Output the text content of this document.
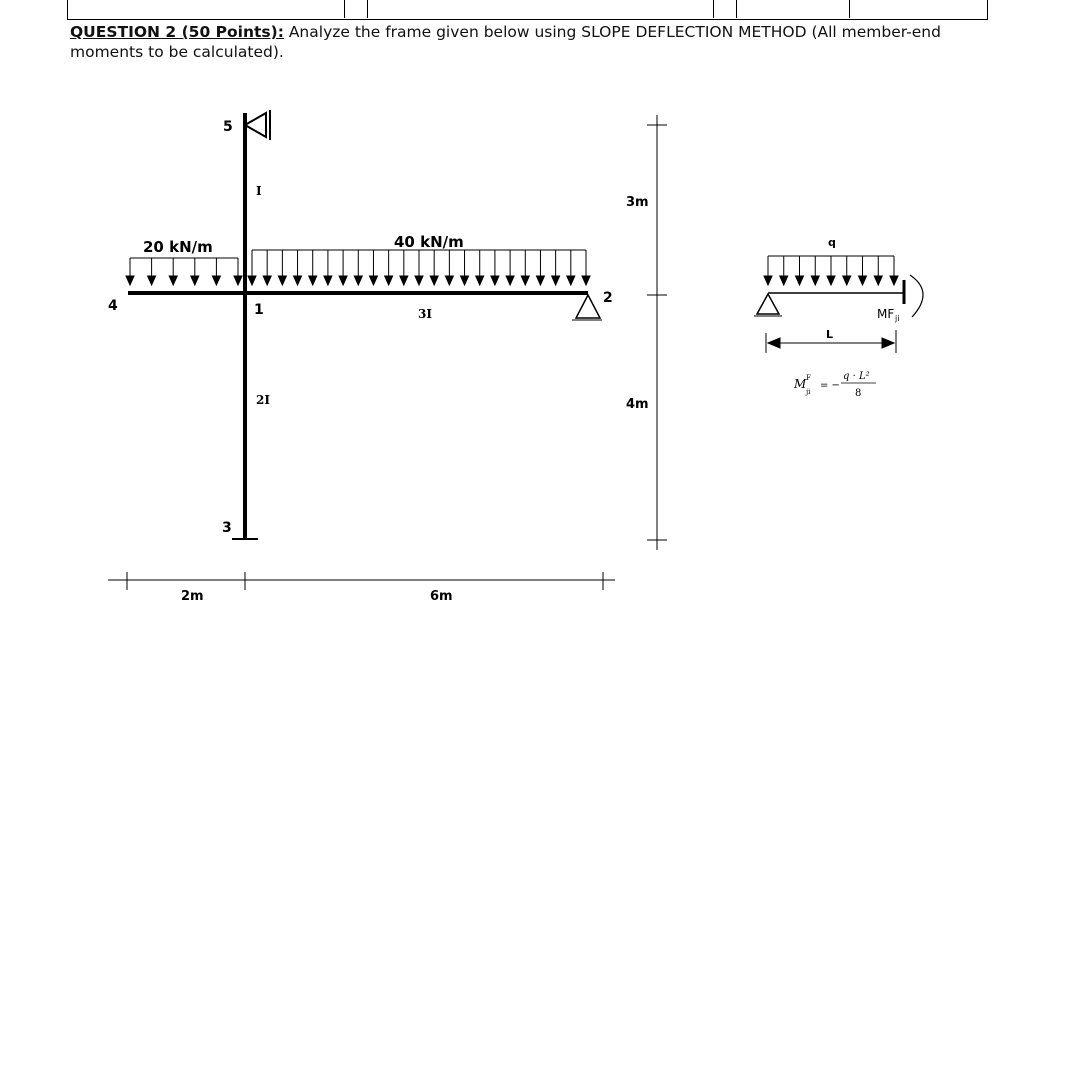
QUESTION 2 (50 Points): Analyze the frame given below using SLOPE DEFLECTION METHOD (All member-end moments to be calculated).
4	1
2
3
5
20 kN/m	40 kN/m
I
3I
2I
3m
4m
2m	6m
q
MF ji
L
M F
ji
= −
q · L²
8
